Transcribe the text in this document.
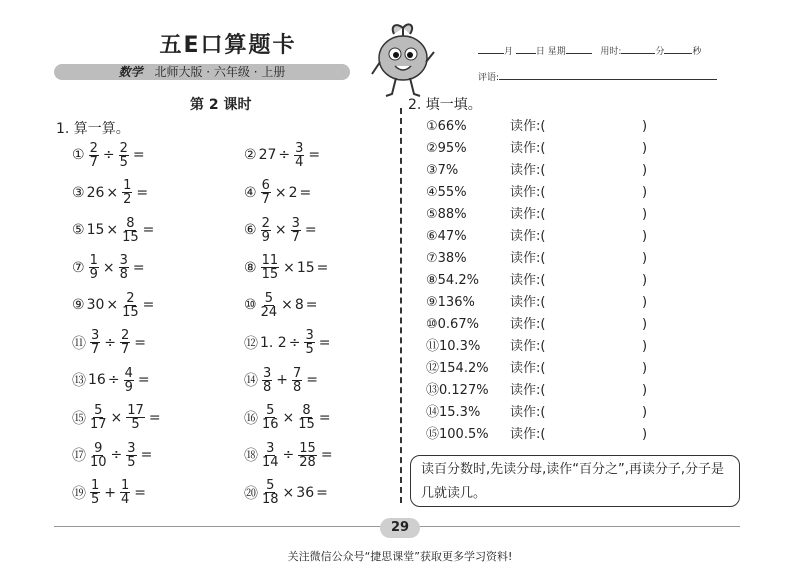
五E口算题卡
数学 北师大版 · 六年级 · 上册
月	日 星期	用时:	分	秒
评语:
第 2 课时
1. 算一算。
① $\frac{2}{7} \div \frac{2}{5}$ =	② $27 \div \frac{3}{4}$ =
③ $26 \times \frac{1}{2}$ =	④ $\frac{6}{7} \times 2$ =
⑤ $15 \times \frac{8}{15}$ =	⑥ $\frac{2}{9} \times \frac{3}{7}$ =
⑦ $\frac{1}{9} \times \frac{3}{8}$ =	⑧ $\frac{11}{15} \times 15$ =
⑨ $30 \times \frac{2}{15}$ =	⑩ $\frac{5}{24} \times 8$ =
⑪ $\frac{3}{7} \div \frac{2}{7}$ =	⑫ 1. $2 \div \frac{3}{5}$ =
⑬ $16 \div \frac{4}{9}$ =	⑭ $\frac{3}{8} + \frac{7}{8}$ =
⑮ $\frac{5}{17} \times \frac{17}{5}$ =	⑯ $\frac{5}{16} \times \frac{8}{15}$ =
⑰ $\frac{9}{10} \div \frac{3}{5}$ =	⑱ $\frac{3}{14} \div \frac{15}{28}$ =
⑲ $\frac{1}{5} + \frac{1}{4}$ =	⑳ $\frac{5}{18} \times 36$ =
2. 填一填。
①66%	读作:(	)
②95%	读作:(	)
③7%	读作:(	)
④55%	读作:(	)
⑤88%	读作:(	)
⑥47%	读作:(	)
⑦38%	读作:(	)
⑧54.2% 读作:(	)
⑨136%	读作:(	)
⑩0.67% 读作:(	)
⑪10.3% 读作:(	)
⑫154.2% 读作:(	)
⑬0.127% 读作:(	)
⑭15.3% 读作:(	)
⑮100.5% 读作:(	)
读百分数时,先读分母,读作“百分之”,再读分子,分子是几就读几。
29
关注微信公众号“捷思课堂”获取更多学习资料!
